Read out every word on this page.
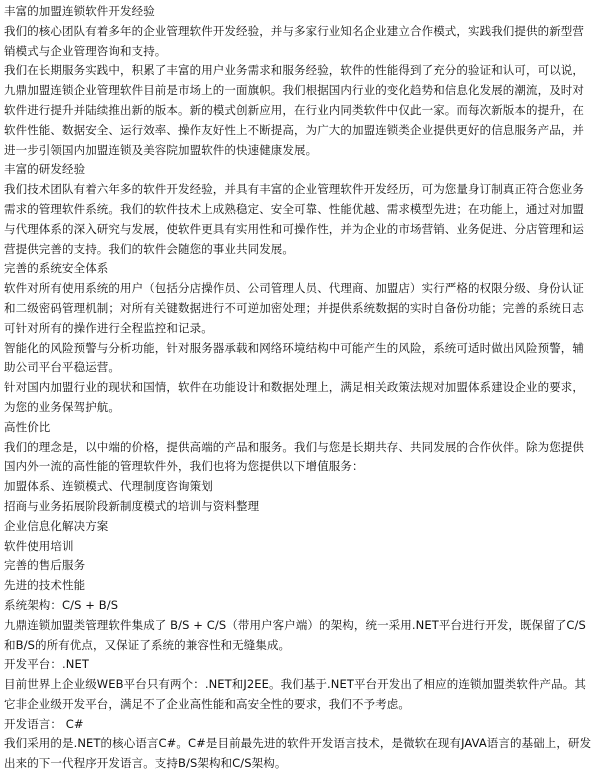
丰富的加盟连锁软件开发经验

我们的核心团队有着多年的企业管理软件开发经验，并与多家行业知名企业建立合作模式，实践我们提供的新型营销模式与企业管理咨询和支持。

我们在长期服务实践中，积累了丰富的用户业务需求和服务经验，软件的性能得到了充分的验证和认可，可以说，九鼎加盟连锁企业管理软件目前是市场上的一面旗帜。我们根据国内行业的变化趋势和信息化发展的潮流，及时对软件进行提升并陆续推出新的版本。新的模式创新应用，在行业内同类软件中仅此一家。而每次新版本的提升，在软件性能、数据安全、运行效率、操作友好性上不断提高，为广大的加盟连锁类企业提供更好的信息服务产品，并进一步引领国内加盟连锁及美容院加盟软件的快速健康发展。

丰富的研发经验

我们技术团队有着六年多的软件开发经验，并具有丰富的企业管理软件开发经历，可为您量身订制真正符合您业务需求的管理软件系统。我们的软件技术上成熟稳定、安全可靠、性能优越、需求模型先进；在功能上，通过对加盟与代理体系的深入研究与发展，使软件更具有实用性和可操作性，并为企业的市场营销、业务促进、分店管理和运营提供完善的支持。我们的软件会随您的事业共同发展。

完善的系统安全体系

软件对所有使用系统的用户（包括分店操作员、公司管理人员、代理商、加盟店）实行严格的权限分级、身份认证和二级密码管理机制；对所有关键数据进行不可逆加密处理；并提供系统数据的实时自备份功能；完善的系统日志可针对所有的操作进行全程监控和记录。

智能化的风险预警与分析功能，针对服务器承载和网络环境结构中可能产生的风险，系统可适时做出风险预警，辅助公司平台平稳运营。

针对国内加盟行业的现状和国情，软件在功能设计和数据处理上，满足相关政策法规对加盟体系建设企业的要求，为您的业务保驾护航。

高性价比

我们的理念是，以中端的价格，提供高端的产品和服务。我们与您是长期共存、共同发展的合作伙伴。除为您提供国内外一流的高性能的管理软件外，我们也将为您提供以下增值服务：

加盟体系、连锁模式、代理制度咨询策划

招商与业务拓展阶段新制度模式的培训与资料整理

企业信息化解决方案

软件使用培训

完善的售后服务

先进的技术性能

系统架构：C/S + B/S

九鼎连锁加盟类管理软件集成了 B/S + C/S（带用户客户端）的架构，统一采用.NET平台进行开发，既保留了C/S和B/S的所有优点，又保证了系统的兼容性和无缝集成。

开发平台：.NET

目前世界上企业级WEB平台只有两个：.NET和J2EE。我们基于.NET平台开发出了相应的连锁加盟类软件产品。其它非企业级开发平台，满足不了企业高性能和高安全性的要求，我们不予考虑。

开发语言： C#

我们采用的是.NET的核心语言C#。C#是目前最先进的软件开发语言技术，是微软在现有JAVA语言的基础上，研发出来的下一代程序开发语言。支持B/S架构和C/S架构。
